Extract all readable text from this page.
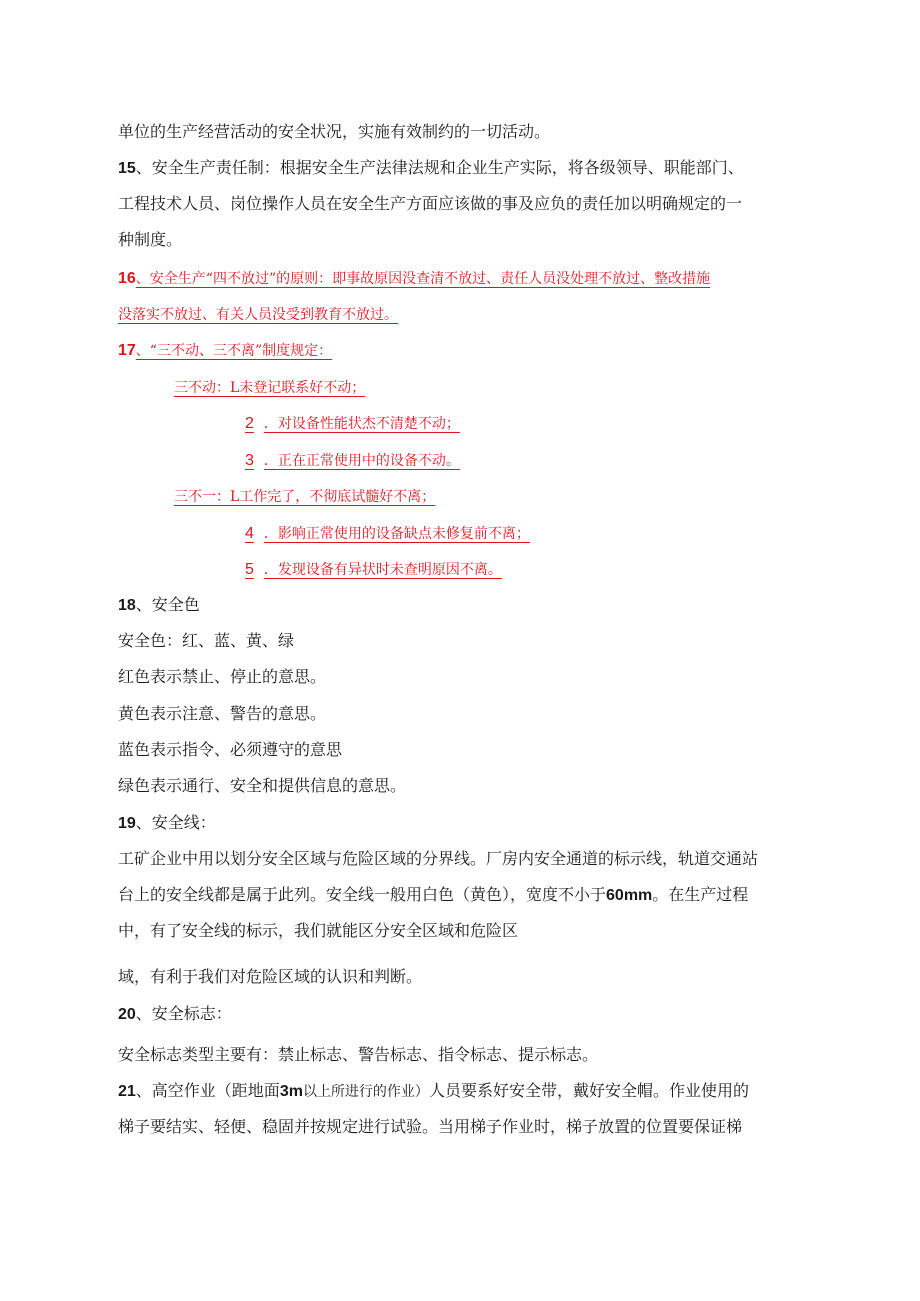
单位的生产经营活动的安全状况，实施有效制约的一切活动。
15、安全生产责任制：根据安全生产法律法规和企业生产实际，将各级领导、职能部门、
工程技术人员、岗位操作人员在安全生产方面应该做的事及应负的责任加以明确规定的一
种制度。
16、安全生产“四不放过”的原则：即事故原因没查清不放过、责任人员没处理不放过、整改措施
没落实不放过、有关人员没受到教育不放过。
17、“三不动、三不离”制度规定：
三不动：L未登记联系好不动；
2 ．对设备性能状杰不清楚不动；
3 ．正在正常使用中的设备不动。
三不一：L工作完了，不彻底试髓好不离；
4 ．影响正常使用的设备缺点未修复前不离；
5 ．发现设备有异状时未查明原因不离。
18、安全色
安全色：红、蓝、黄、绿
红色表示禁止、停止的意思。
黄色表示注意、警告的意思。
蓝色表示指令、必须遵守的意思
绿色表示通行、安全和提供信息的意思。
19、安全线：
工矿企业中用以划分安全区域与危险区域的分界线。厂房内安全通道的标示线，轨道交通站
台上的安全线都是属于此列。安全线一般用白色（黄色），宽度不小于60mm。在生产过程
中，有了安全线的标示，我们就能区分安全区域和危险区
域，有利于我们对危险区域的认识和判断。
20、安全标志：
安全标志类型主要有：禁止标志、警告标志、指令标志、提示标志。
21、高空作业（距地面3m以上所进行的作业）人员要系好安全带，戴好安全帽。作业使用的
梯子要结实、轻便、稳固并按规定进行试验。当用梯子作业时，梯子放置的位置要保证梯
